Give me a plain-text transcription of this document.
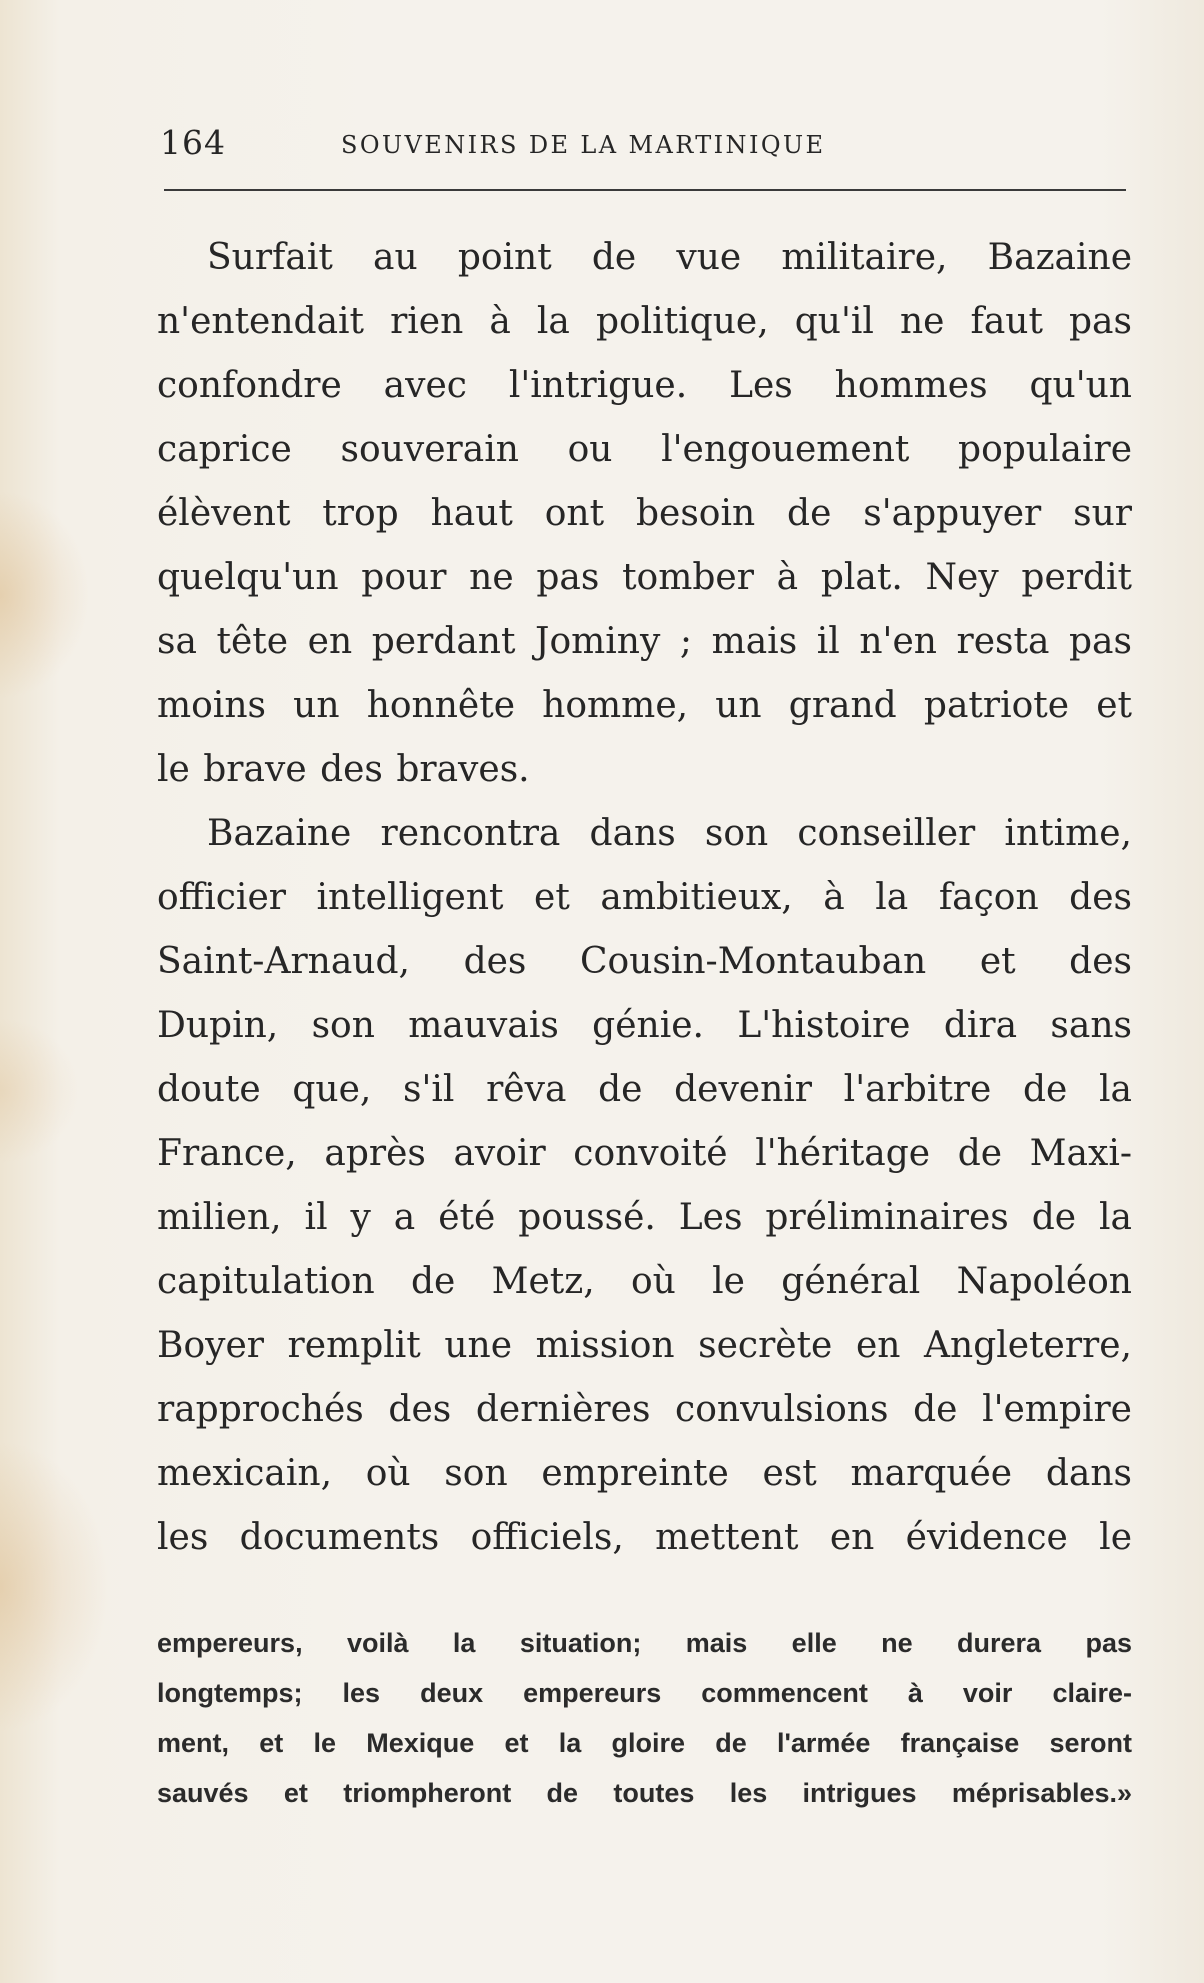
164	SOUVENIRS DE LA MARTINIQUE

Surfait au point de vue militaire, Bazaine
n'entendait rien à la politique, qu'il ne faut pas
confondre avec l'intrigue. Les hommes qu'un
caprice souverain ou l'engouement populaire
élèvent trop haut ont besoin de s'appuyer sur
quelqu'un pour ne pas tomber à plat. Ney perdit
sa tête en perdant Jominy ; mais il n'en resta pas
moins un honnête homme, un grand patriote et
le brave des braves.

Bazaine rencontra dans son conseiller intime,
officier intelligent et ambitieux, à la façon des
Saint-Arnaud, des Cousin-Montauban et des
Dupin, son mauvais génie. L'histoire dira sans
doute que, s'il rêva de devenir l'arbitre de la
France, après avoir convoité l'héritage de Maxi-
milien, il y a été poussé. Les préliminaires de la
capitulation de Metz, où le général Napoléon
Boyer remplit une mission secrète en Angleterre,
rapprochés des dernières convulsions de l'empire
mexicain, où son empreinte est marquée dans
les documents officiels, mettent en évidence le

empereurs, voilà la situation; mais elle ne durera pas
longtemps; les deux empereurs commencent à voir claire-
ment, et le Mexique et la gloire de l'armée française seront
sauvés et triompheront de toutes les intrigues méprisables.»
